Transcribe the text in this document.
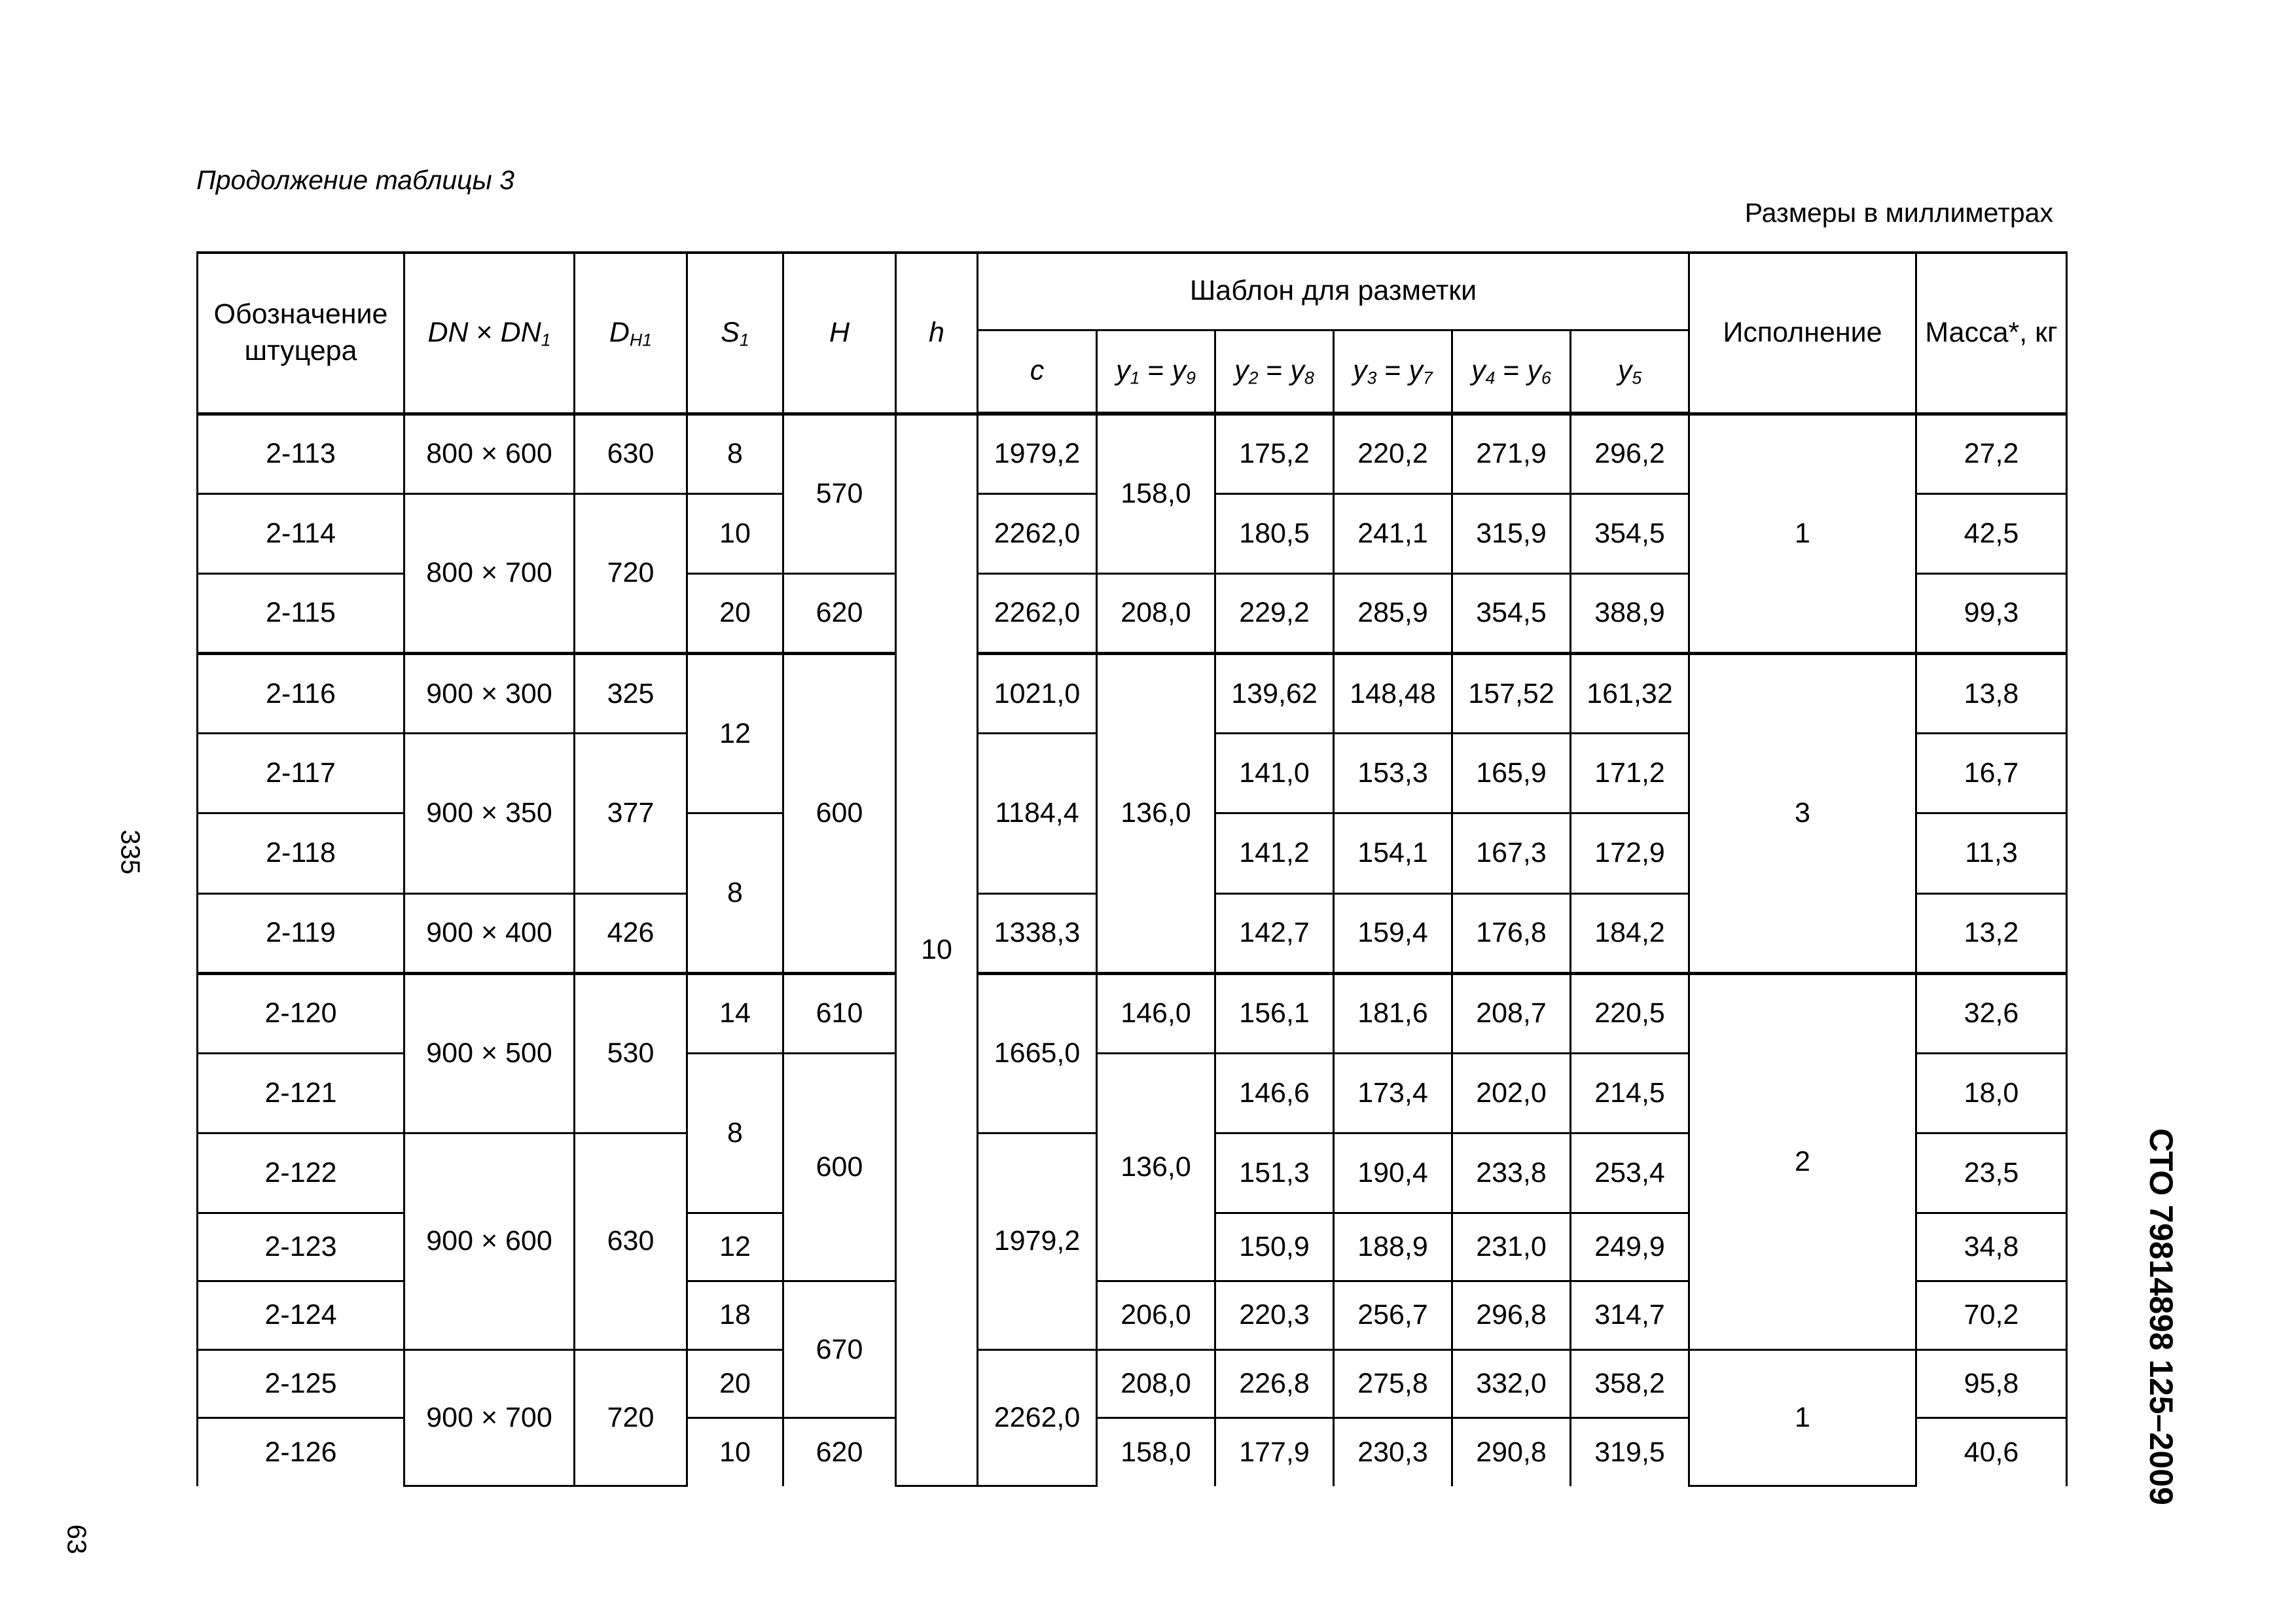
Продолжение таблицы 3
Размеры в миллиметрах
335
63
СТО 79814898 125–2009
Обозначение штуцера	DN × $DN_1$	$D_{Н1}$	$S_1$	H	h	Шаблон для разметки						Исполнение	Масса*, кг
						c	$y_1 = y_9$	$y_2 = y_8$	$y_3 = y_7$	$y_4 = y_6$	$y_5$
2-113	800 × 600	630	8	570	10	1979,2	158,0	175,2	220,2	271,9	296,2	1	27,2
2-114	800 × 700	720	10			2262,0		180,5	241,1	315,9	354,5		42,5
2-115			20	620		2262,0	208,0	229,2	285,9	354,5	388,9		99,3
2-116	900 × 300	325	12	600		1021,0	136,0	139,62	148,48	157,52	161,32	3	13,8
2-117	900 × 350	377				1184,4		141,0	153,3	165,9	171,2		16,7
2-118			8					141,2	154,1	167,3	172,9		11,3
2-119	900 × 400	426				1338,3		142,7	159,4	176,8	184,2		13,2
2-120	900 × 500	530	14	610		1665,0	146,0	156,1	181,6	208,7	220,5	2	32,6
2-121			8	600			136,0	146,6	173,4	202,0	214,5		18,0
2-122	900 × 600	630				1979,2		151,3	190,4	233,8	253,4		23,5
2-123			12					150,9	188,9	231,0	249,9		34,8
2-124			18	670			206,0	220,3	256,7	296,8	314,7		70,2
2-125	900 × 700	720	20			2262,0	208,0	226,8	275,8	332,0	358,2	1	95,8
2-126			10	620			158,0	177,9	230,3	290,8	319,5		40,6
